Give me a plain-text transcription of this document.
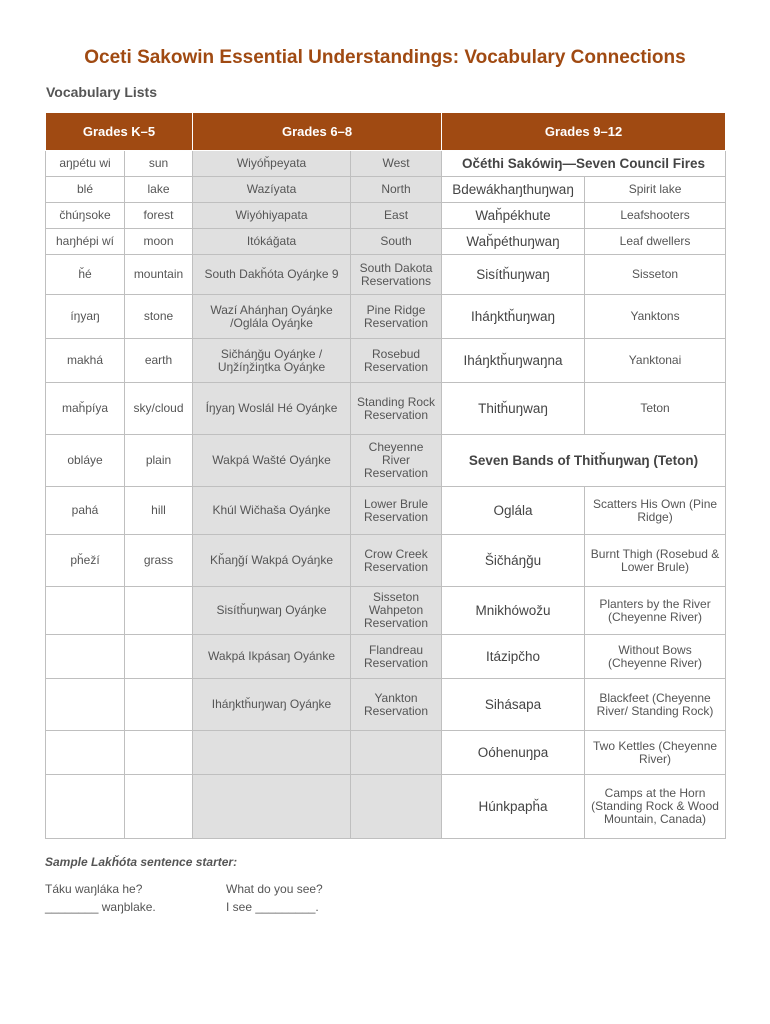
Oceti Sakowin Essential Understandings: Vocabulary Connections
Vocabulary Lists
Grades K–5		Grades 6–8		Grades 9–12	
aŋpétu wi	sun	Wiyóȟpeyata	West	Očéthi Sakówiŋ—Seven Council Fires	
blé	lake	Wazíyata	North	Bdewákhaŋthuŋwaŋ	Spirit lake
čhúŋsoke	forest	Wiyóhiyapata	East	Waȟpékhute	Leafshooters
haŋhépi wí	moon	Itókáǧata	South	Waȟpéthuŋwaŋ	Leaf dwellers
ȟé	mountain	South Dakȟóta Oyáŋke 9	South Dakota Reservations	Sisítȟuŋwaŋ	Sisseton
íŋyaŋ	stone	Wazí Aháŋhaŋ Oyáŋke /Oglála Oyáŋke	Pine Ridge Reservation	Iháŋktȟuŋwaŋ	Yanktons
makhá	earth	Sičháŋǧu Oyáŋke / Uŋžíŋžiŋtka Oyáŋke	Rosebud Reservation	Iháŋktȟuŋwaŋna	Yanktonai
maȟpíya	sky/cloud	Íŋyaŋ Woslál Hé Oyáŋke	Standing Rock Reservation	Thitȟuŋwaŋ	Teton
obláye	plain	Wakpá Wašté Oyáŋke	Cheyenne River Reservation	Seven Bands of Thitȟuŋwaŋ (Teton)	
pahá	hill	Khúl Wičhaša Oyáŋke	Lower Brule Reservation	Oglála	Scatters His Own (Pine Ridge)
pȟeží	grass	Kȟaŋǧí Wakpá Oyáŋke	Crow Creek Reservation	Šičháŋǧu	Burnt Thigh (Rosebud & Lower Brule)
		Sisítȟuŋwaŋ Oyáŋke	Sisseton Wahpeton Reservation	Mnikhówožu	Planters by the River (Cheyenne River)
		Wakpá Ikpásaŋ Oyánke	Flandreau Reservation	Itázipčho	Without Bows (Cheyenne River)
		Iháŋktȟuŋwaŋ Oyáŋke	Yankton Reservation	Sihásapa	Blackfeet (Cheyenne River/ Standing Rock)
				Oóhenuŋpa	Two Kettles (Cheyenne River)
				Húnkpapȟa	Camps at the Horn (Standing Rock & Wood Mountain, Canada)
Sample Lakȟóta sentence starter:
Táku waŋláka he?
________ waŋblake.
What do you see?
I see _________.
